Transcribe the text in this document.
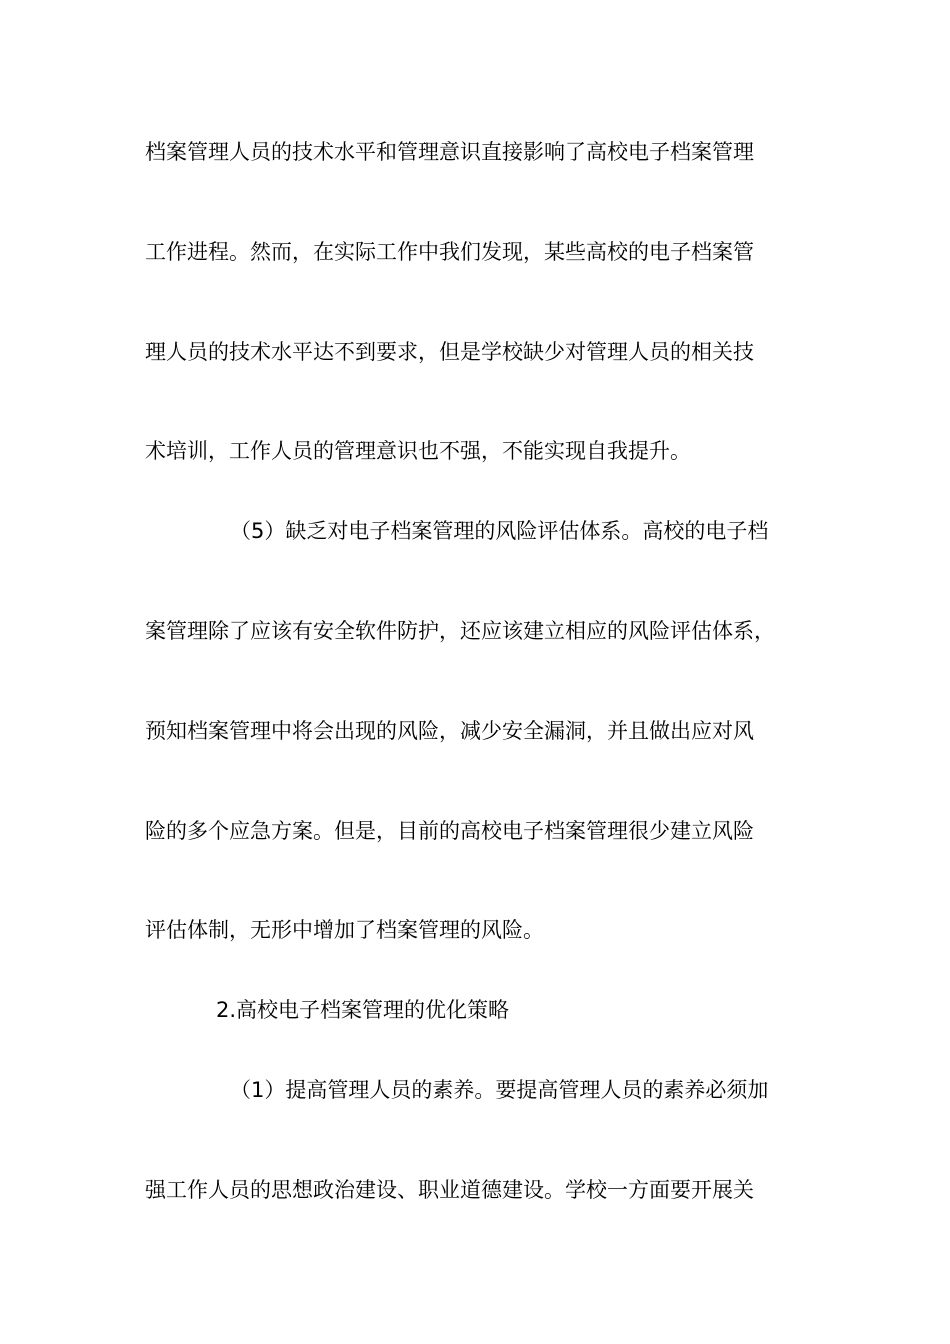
档案管理人员的技术水平和管理意识直接影响了高校电子档案管理
工作进程。然而，在实际工作中我们发现，某些高校的电子档案管
理人员的技术水平达不到要求，但是学校缺少对管理人员的相关技
术培训，工作人员的管理意识也不强，不能实现自我提升。
（5）缺乏对电子档案管理的风险评估体系。高校的电子档
案管理除了应该有安全软件防护，还应该建立相应的风险评估体系，
预知档案管理中将会出现的风险，减少安全漏洞，并且做出应对风
险的多个应急方案。但是，目前的高校电子档案管理很少建立风险
评估体制，无形中增加了档案管理的风险。
2.高校电子档案管理的优化策略
（1）提高管理人员的素养。要提高管理人员的素养必须加
强工作人员的思想政治建设、职业道德建设。学校一方面要开展关
